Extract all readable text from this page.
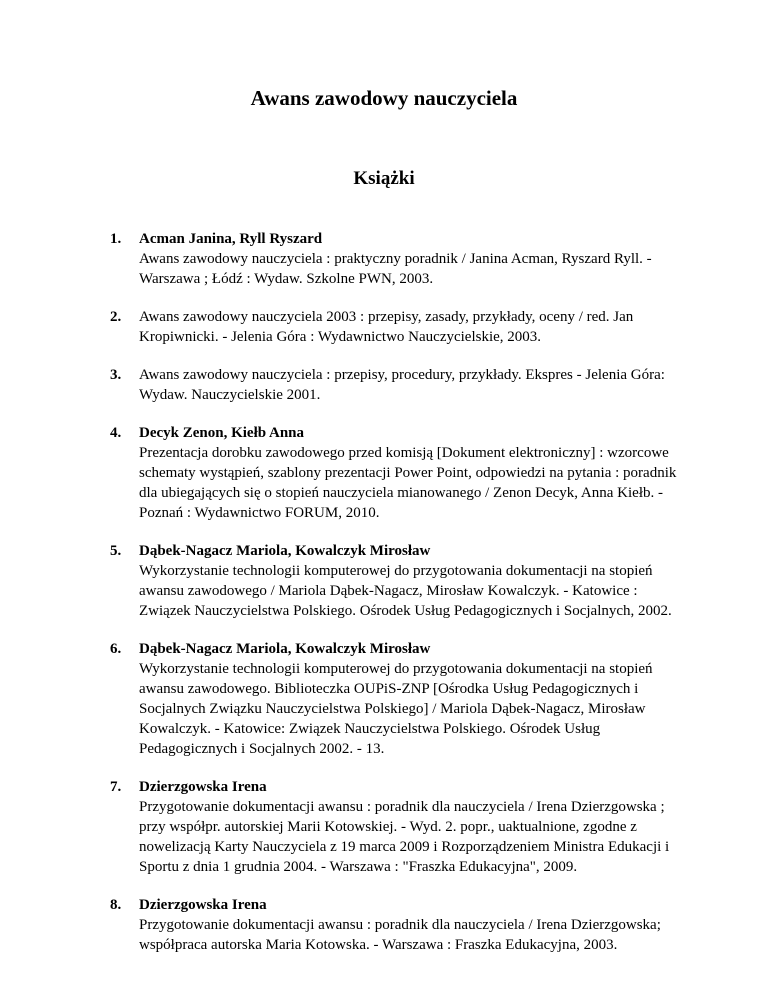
Awans zawodowy nauczyciela
Książki
1.	Acman Janina, Ryll Ryszard
Awans zawodowy nauczyciela : praktyczny poradnik / Janina Acman, Ryszard Ryll. - Warszawa ; Łódź : Wydaw. Szkolne PWN, 2003.
2.	Awans zawodowy nauczyciela 2003 : przepisy, zasady, przykłady, oceny / red. Jan Kropiwnicki. - Jelenia Góra : Wydawnictwo Nauczycielskie, 2003.
3.	Awans zawodowy nauczyciela : przepisy, procedury, przykłady. Ekspres - Jelenia Góra: Wydaw. Nauczycielskie 2001.
4.	Decyk Zenon, Kiełb Anna
Prezentacja dorobku zawodowego przed komisją [Dokument elektroniczny] : wzorcowe schematy wystąpień, szablony prezentacji Power Point, odpowiedzi na pytania : poradnik dla ubiegających się o stopień nauczyciela mianowanego / Zenon Decyk, Anna Kiełb. - Poznań : Wydawnictwo FORUM, 2010.
5.	Dąbek-Nagacz Mariola, Kowalczyk Mirosław
Wykorzystanie technologii komputerowej do przygotowania dokumentacji na stopień awansu zawodowego / Mariola Dąbek-Nagacz, Mirosław Kowalczyk. - Katowice : Związek Nauczycielstwa Polskiego. Ośrodek Usług Pedagogicznych i Socjalnych, 2002.
6.	Dąbek-Nagacz Mariola, Kowalczyk Mirosław
Wykorzystanie technologii komputerowej do przygotowania dokumentacji na stopień awansu zawodowego. Biblioteczka OUPiS-ZNP [Ośrodka Usług Pedagogicznych i Socjalnych Związku Nauczycielstwa Polskiego] / Mariola Dąbek-Nagacz, Mirosław Kowalczyk. - Katowice: Związek Nauczycielstwa Polskiego. Ośrodek Usług Pedagogicznych i Socjalnych 2002. - 13.
7.	Dzierzgowska Irena
Przygotowanie dokumentacji awansu : poradnik dla nauczyciela / Irena Dzierzgowska ; przy współpr. autorskiej Marii Kotowskiej. - Wyd. 2. popr., uaktualnione, zgodne z nowelizacją Karty Nauczyciela z 19 marca 2009 i Rozporządzeniem Ministra Edukacji i Sportu z dnia 1 grudnia 2004. - Warszawa : "Fraszka Edukacyjna", 2009.
8.	Dzierzgowska Irena
Przygotowanie dokumentacji awansu : poradnik dla nauczyciela / Irena Dzierzgowska; współpraca autorska Maria Kotowska. - Warszawa : Fraszka Edukacyjna, 2003.
